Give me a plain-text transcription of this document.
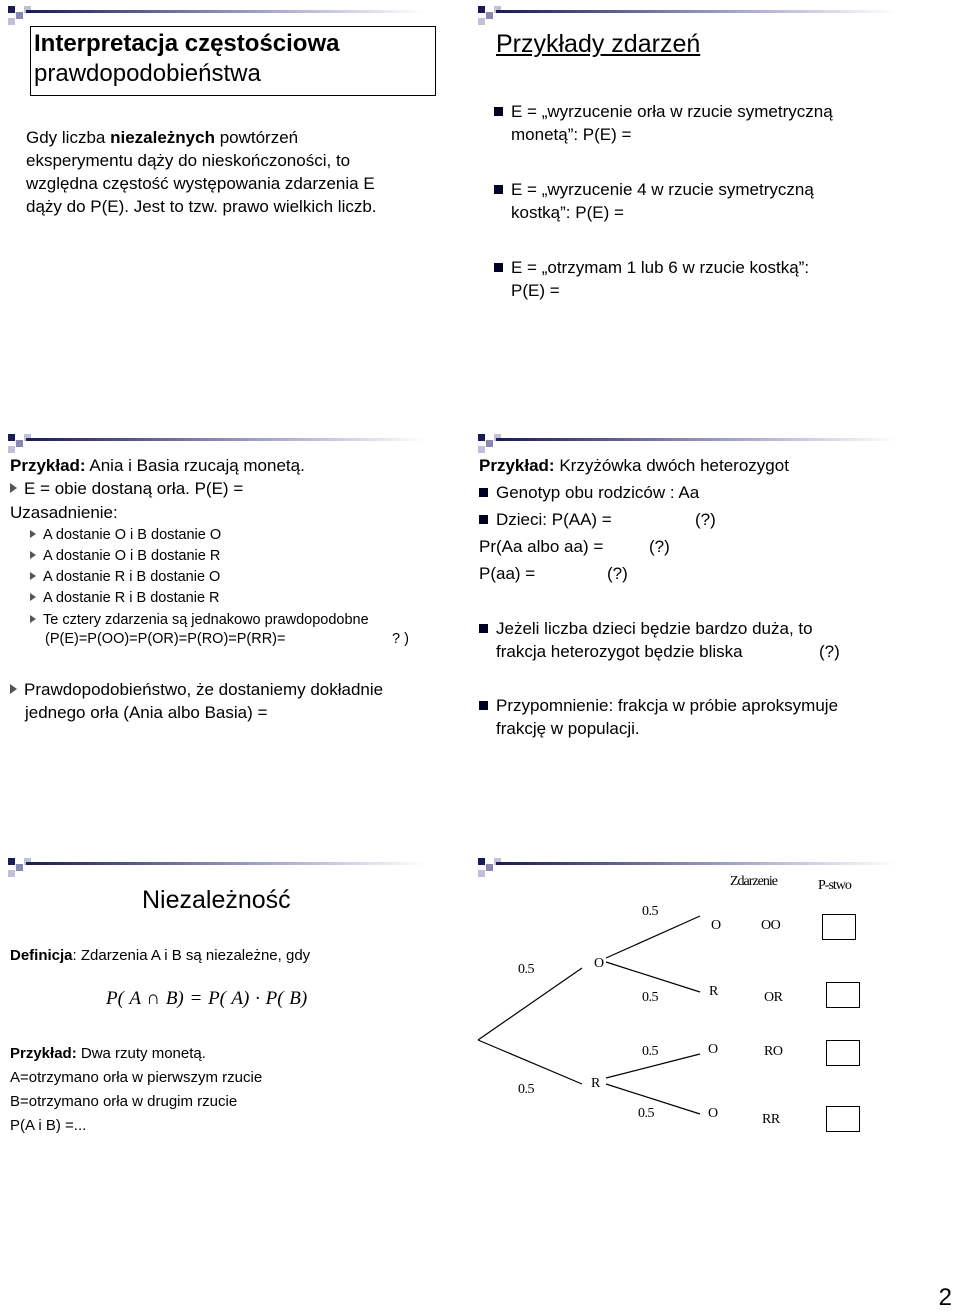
Interpretacja częstościowa
prawdopodobieństwa
Gdy liczba niezależnych powtórzeń
eksperymentu dąży do nieskończoności, to
względna częstość występowania zdarzenia E
dąży do P(E). Jest to tzw. prawo wielkich liczb.
Przykłady zdarzeń
E = „wyrzucenie orła w rzucie symetryczną
monetą”: P(E) =
E = „wyrzucenie 4 w rzucie symetryczną
kostką”: P(E) =
E = „otrzymam 1 lub 6 w rzucie kostką”:
P(E) =
Przykład: Ania i Basia rzucają monetą.
E = obie dostaną orła. P(E) =
Uzasadnienie:
A dostanie O i B dostanie O
A dostanie O i B dostanie R
A dostanie R i B dostanie O
A dostanie R i B dostanie R
Te cztery zdarzenia są jednakowo prawdopodobne
(P(E)=P(OO)=P(OR)=P(RO)=P(RR)=	? )
Prawdopodobieństwo, że dostaniemy dokładnie
jednego orła (Ania albo Basia) =
Przykład: Krzyżówka dwóch heterozygot
Genotyp obu rodziców : Aa
Dzieci: P(AA) =	(?)
Pr(Aa albo aa) =	(?)
P(aa) =	(?)
Jeżeli liczba dzieci będzie bardzo duża, to
frakcja heterozygot będzie bliska	(?)
Przypomnienie: frakcja w próbie aproksymuje
frakcję w populacji.
Niezależność
Definicja: Zdarzenia A i B są niezależne, gdy
P( A ∩ B) = P( A) · P( B)
Przykład: Dwa rzuty monetą.
A=otrzymano orła w pierwszym rzucie
B=otrzymano orła w drugim rzucie
P(A i B) =...
Zdarzenie	P-stwo
0.5
0.5
0.5
0.5
0.5
0.5
O
R
O
R
O
O
OO
OR
RO
RR
2
